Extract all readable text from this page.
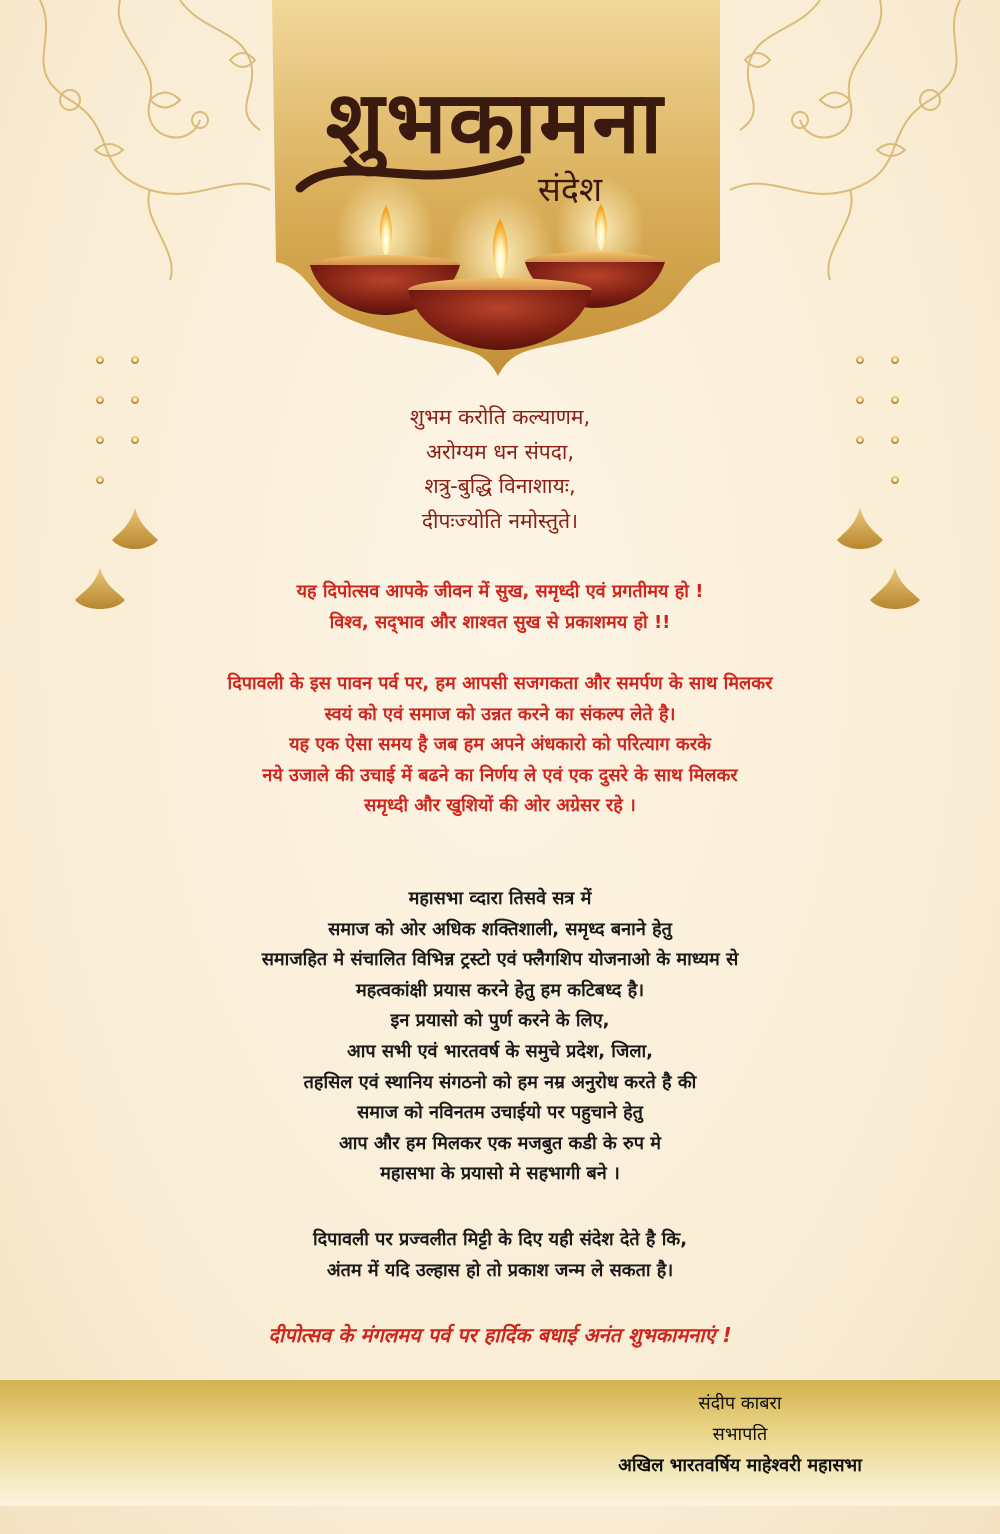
शुभकामना
संदेश

शुभम करोति कल्याणम,

अरोग्यम धन संपदा,

शत्रु-बुद्धि विनाशायः,

दीपःज्योति नमोस्तुते।

यह दिपोत्सव आपके जीवन में सुख, समृध्दी एवं प्रगतीमय हो !

विश्व, सद्‌भाव और शाश्वत सुख से प्रकाशमय हो !!

दिपावली के इस पावन पर्व पर, हम आपसी सजगकता और समर्पण के साथ मिलकर

स्वयं को एवं समाज को उन्नत करने का संकल्प लेते है।

यह एक ऐसा समय है जब हम अपने अंधकारो को परित्याग करके

नये उजाले की उचाई में बढने का निर्णय ले एवं एक दुसरे के साथ मिलकर

समृध्दी और खुशियों की ओर अग्रेसर रहे ।

महासभा व्दारा तिसवे सत्र में

समाज को ओर अधिक शक्तिशाली, समृध्द बनाने हेतु

समाजहित मे संचालित विभिन्न ट्रस्टो एवं फ्लैगशिप योजनाओ के माध्यम से

महत्वकांक्षी प्रयास करने हेतु हम कटिबध्द है।

इन प्रयासो को पुर्ण करने के लिए,

आप सभी एवं भारतवर्ष के समुचे प्रदेश, जिला,

तहसिल एवं स्थानिय संगठनो को हम नम्र अनुरोध करते है की

समाज को नविनतम उचाईयो पर पहुचाने हेतु

आप और हम मिलकर एक मजबुत कडी के रुप मे

महासभा के प्रयासो मे सहभागी बने ।

दिपावली पर प्रज्वलीत मिट्टी के दिए यही संदेश देते है कि,

अंतम में यदि उल्हास हो तो प्रकाश जन्म ले सकता है।

दीपोत्सव के मंगलमय पर्व पर हार्दिक बधाई अनंत शुभकामनाएं !

संदीप काबरा

सभापति

अखिल भारतवर्षिय माहेश्वरी महासभा
